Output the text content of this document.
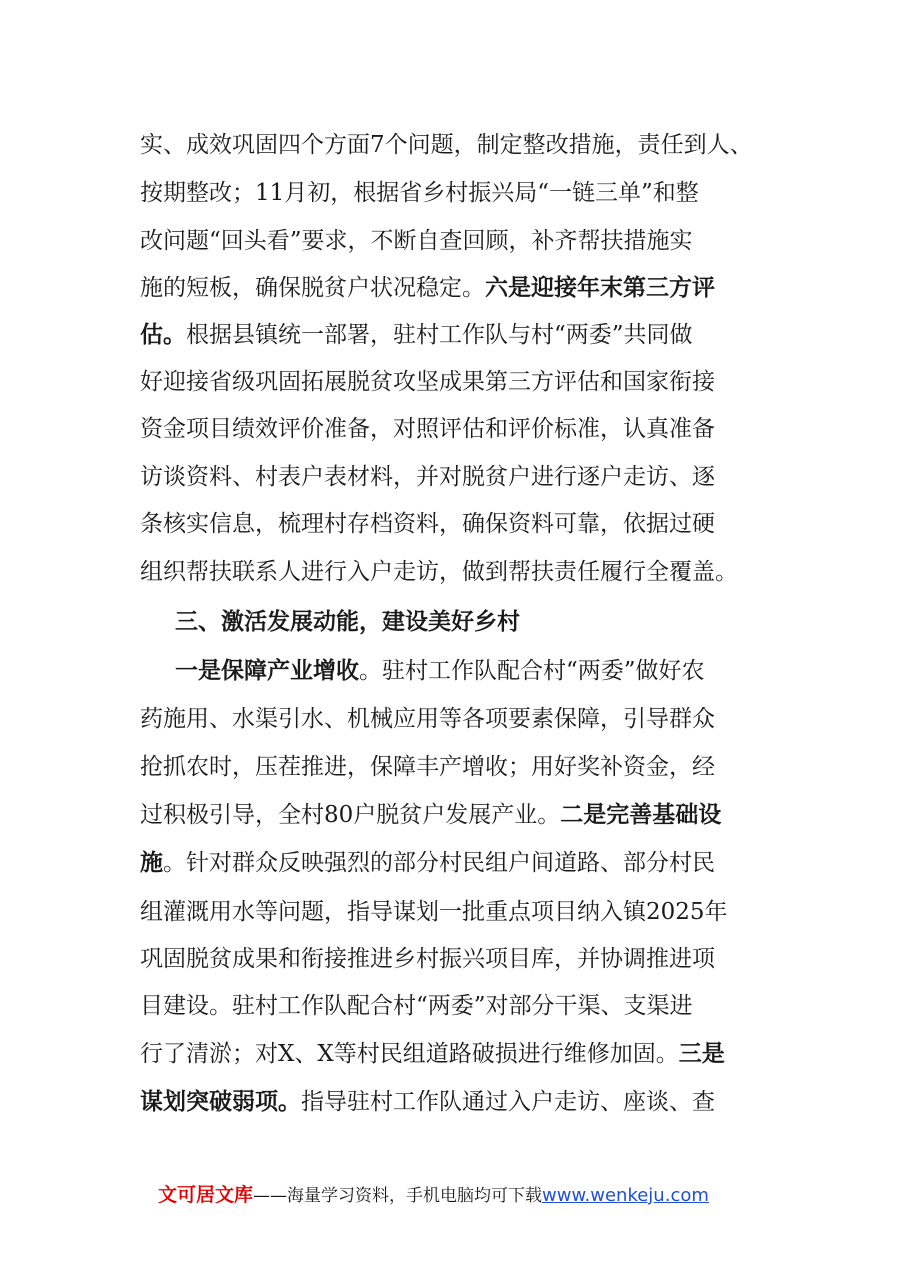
实、成效巩固四个方面7个问题，制定整改措施，责任到人、
按期整改；11月初，根据省乡村振兴局“一链三单”和整
改问题“回头看”要求，不断自查回顾，补齐帮扶措施实
施的短板，确保脱贫户状况稳定。六是迎接年末第三方评
估。根据县镇统一部署，驻村工作队与村“两委”共同做
好迎接省级巩固拓展脱贫攻坚成果第三方评估和国家衔接
资金项目绩效评价准备，对照评估和评价标准，认真准备
访谈资料、村表户表材料，并对脱贫户进行逐户走访、逐
条核实信息，梳理村存档资料，确保资料可靠，依据过硬
组织帮扶联系人进行入户走访，做到帮扶责任履行全覆盖。
三、激活发展动能，建设美好乡村
一是保障产业增收。驻村工作队配合村“两委”做好农
药施用、水渠引水、机械应用等各项要素保障，引导群众
抢抓农时，压茬推进，保障丰产增收；用好奖补资金，经
过积极引导，全村80户脱贫户发展产业。二是完善基础设
施。针对群众反映强烈的部分村民组户间道路、部分村民
组灌溉用水等问题，指导谋划一批重点项目纳入镇2025年
巩固脱贫成果和衔接推进乡村振兴项目库，并协调推进项
目建设。驻村工作队配合村“两委”对部分干渠、支渠进
行了清淤；对X、X等村民组道路破损进行维修加固。三是
谋划突破弱项。指导驻村工作队通过入户走访、座谈、查
文可居文库——海量学习资料，手机电脑均可下载www.wenkeju.com
